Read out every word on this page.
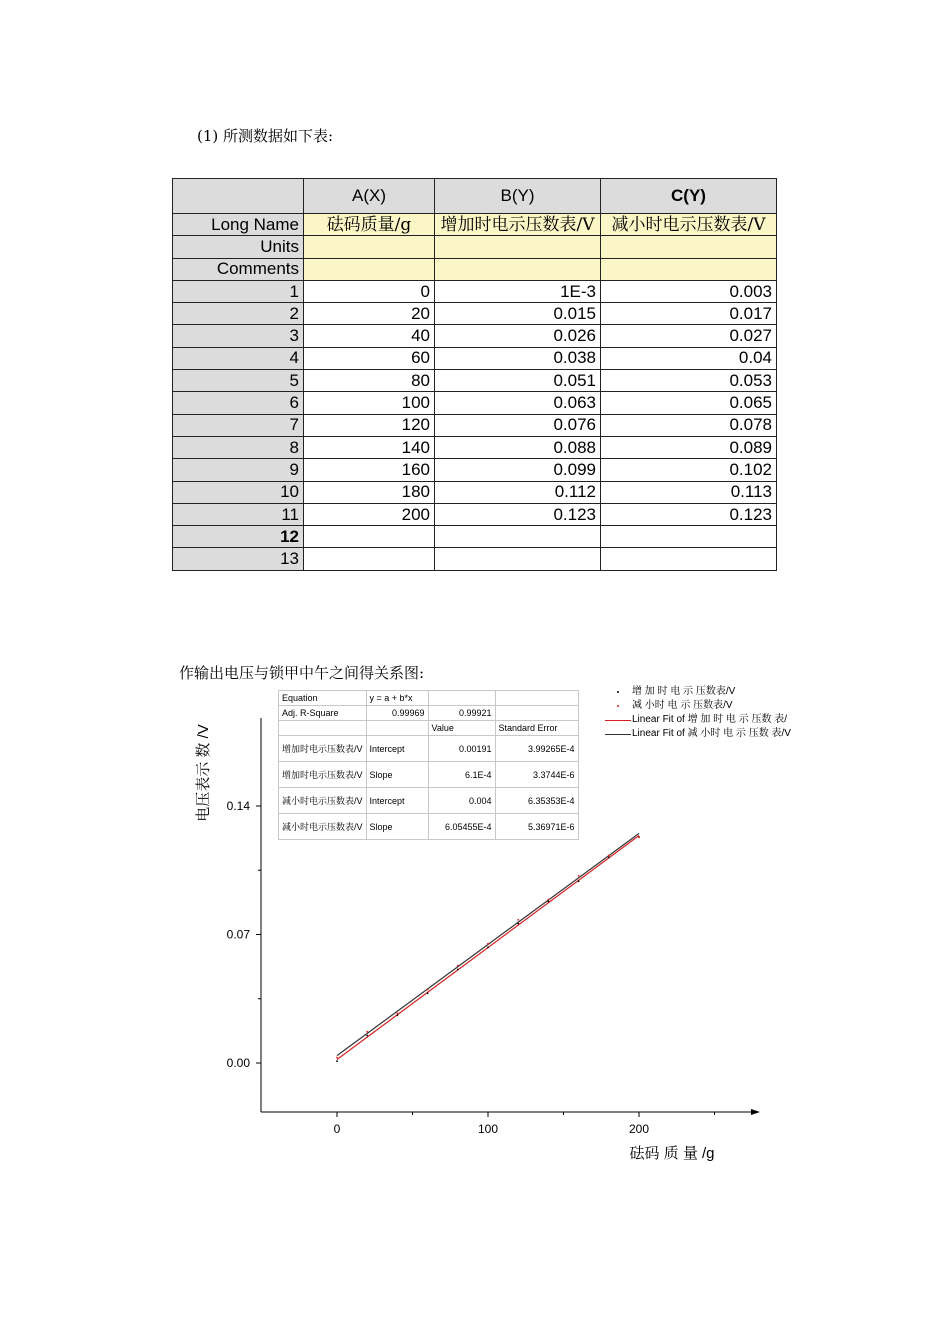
(1) 所测数据如下表:
	A(X)	B(Y)	C(Y)
Long Name	砝码质量/g	增加时电示压数表/V	减小时电示压数表/V
Units			
Comments			
1	0	1E-3	0.003
2	20	0.015	0.017
3	40	0.026	0.027
4	60	0.038	0.04
5	80	0.051	0.053
6	100	0.063	0.065
7	120	0.076	0.078
8	140	0.088	0.089
9	160	0.099	0.102
10	180	0.112	0.113
11	200	0.123	0.123
12			
13			
作输出电压与锁甲中午之间得关系图:
0.00
0.07
0.14
0	100	200
砝码 质 量 /g
电压表示 数 /V
Equation	y = a + b*x		
Adj. R-Square	0.99969	0.99921	
		Value	Standard Error
增加时电示压数表/V	Intercept	0.00191	3.99265E-4
增加时电示压数表/V	Slope	6.1E-4	3.3744E-6
减小时电示压数表/V	Intercept	0.004	6.35353E-4
减小时电示压数表/V	Slope	6.05455E-4	5.36971E-6
增 加 时 电 示 压数表/V
减 小时 电 示 压数表/V
Linear Fit of 增 加 时 电 示 压数 表/
Linear Fit of 减 小时 电 示 压数 表/V
